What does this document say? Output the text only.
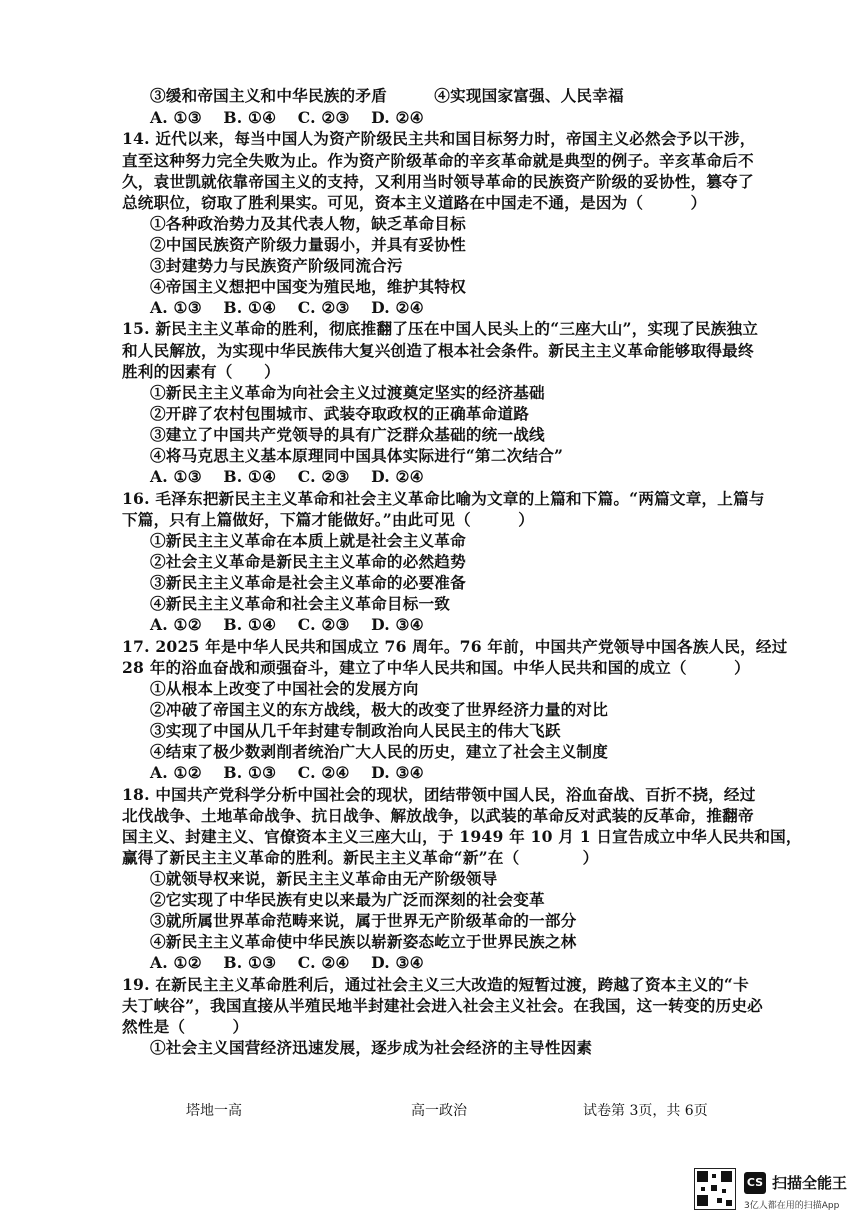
③缓和帝国主义和中华民族的矛盾　　　④实现国家富强、人民幸福
A. ①③　 B. ①④　 C. ②③　 D. ②④
14. 近代以来，每当中国人为资产阶级民主共和国目标努力时，帝国主义必然会予以干涉，
直至这种努力完全失败为止。作为资产阶级革命的辛亥革命就是典型的例子。辛亥革命后不
久，袁世凯就依靠帝国主义的支持，又利用当时领导革命的民族资产阶级的妥协性，篡夺了
总统职位，窃取了胜利果实。可见，资本主义道路在中国走不通，是因为（　　　）
①各种政治势力及其代表人物，缺乏革命目标
②中国民族资产阶级力量弱小，并具有妥协性
③封建势力与民族资产阶级同流合污
④帝国主义想把中国变为殖民地，维护其特权
A. ①③　 B. ①④　 C. ②③　 D. ②④
15. 新民主主义革命的胜利，彻底推翻了压在中国人民头上的“三座大山”，实现了民族独立
和人民解放，为实现中华民族伟大复兴创造了根本社会条件。新民主主义革命能够取得最终
胜利的因素有（　　）
①新民主主义革命为向社会主义过渡奠定坚实的经济基础
②开辟了农村包围城市、武装夺取政权的正确革命道路
③建立了中国共产党领导的具有广泛群众基础的统一战线
④将马克思主义基本原理同中国具体实际进行“第二次结合”
A. ①③　 B. ①④　 C. ②③　 D. ②④
16. 毛泽东把新民主主义革命和社会主义革命比喻为文章的上篇和下篇。“两篇文章，上篇与
下篇，只有上篇做好，下篇才能做好。”由此可见（　　　）
①新民主主义革命在本质上就是社会主义革命
②社会主义革命是新民主主义革命的必然趋势
③新民主主义革命是社会主义革命的必要准备
④新民主主义革命和社会主义革命目标一致
A. ①②　 B. ①④　 C. ②③　 D. ③④
17. 2025 年是中华人民共和国成立 76 周年。76 年前，中国共产党领导中国各族人民，经过
28 年的浴血奋战和顽强奋斗，建立了中华人民共和国。中华人民共和国的成立（　　　）
①从根本上改变了中国社会的发展方向
②冲破了帝国主义的东方战线，极大的改变了世界经济力量的对比
③实现了中国从几千年封建专制政治向人民民主的伟大飞跃
④结束了极少数剥削者统治广大人民的历史，建立了社会主义制度
A. ①②　 B. ①③　 C. ②④　 D. ③④
18. 中国共产党科学分析中国社会的现状，团结带领中国人民，浴血奋战、百折不挠，经过
北伐战争、土地革命战争、抗日战争、解放战争，以武装的革命反对武装的反革命，推翻帝
国主义、封建主义、官僚资本主义三座大山，于 1949 年 10 月 1 日宣告成立中华人民共和国，
赢得了新民主主义革命的胜利。新民主主义革命“新”在（　　　　）
①就领导权来说，新民主主义革命由无产阶级领导
②它实现了中华民族有史以来最为广泛而深刻的社会变革
③就所属世界革命范畴来说，属于世界无产阶级革命的一部分
④新民主主义革命使中华民族以崭新姿态屹立于世界民族之林
A. ①②　 B. ①③　 C. ②④　 D. ③④
19. 在新民主主义革命胜利后，通过社会主义三大改造的短暂过渡，跨越了资本主义的“卡
夫丁峡谷”，我国直接从半殖民地半封建社会进入社会主义社会。在我国，这一转变的历史必
然性是（　　　）
①社会主义国营经济迅速发展，逐步成为社会经济的主导性因素
塔地一高	高一政治	试卷第 3页，共 6页
CS 扫描全能王
3亿人都在用的扫描App
